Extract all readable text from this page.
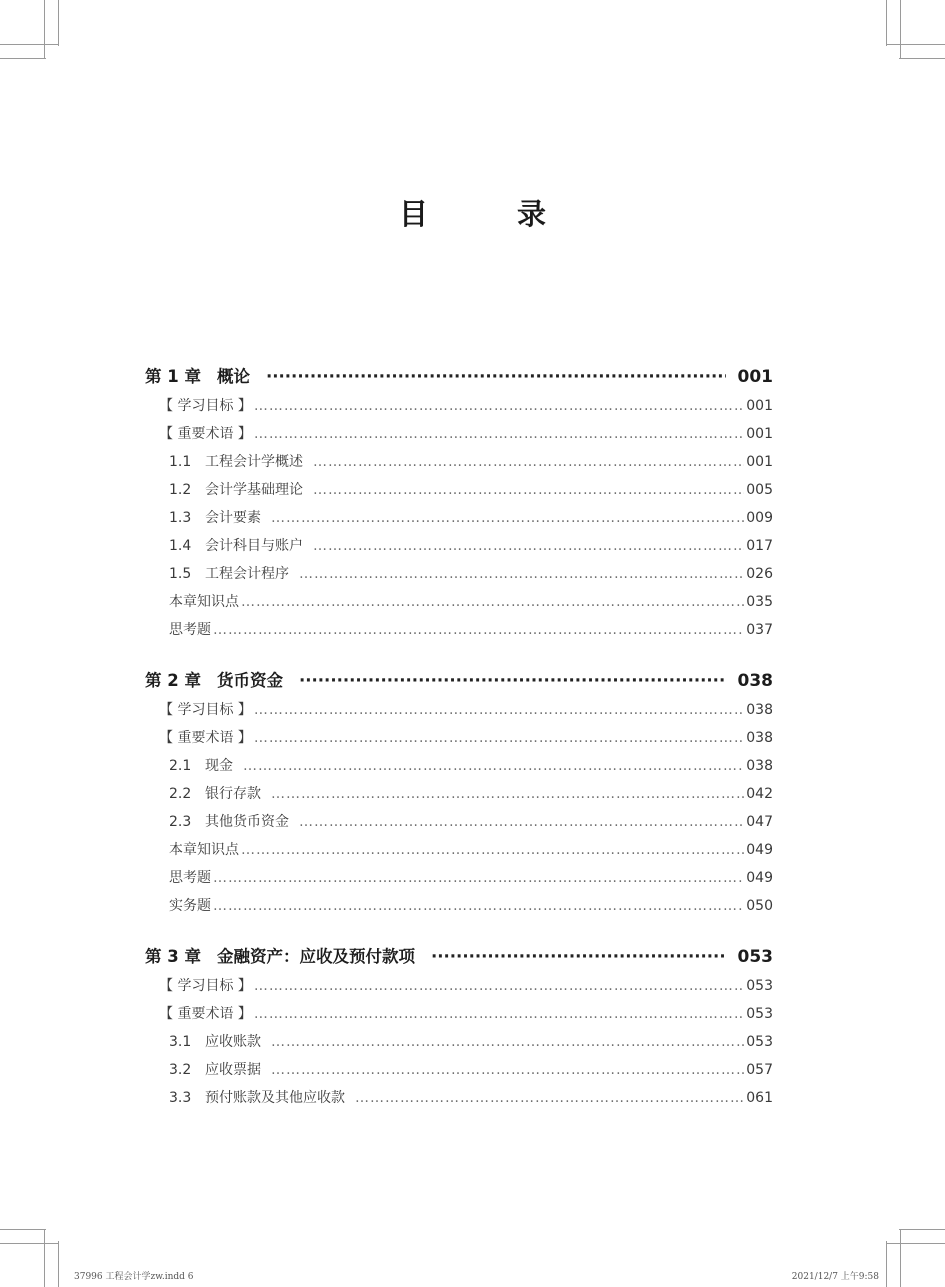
目　录
第 1 章 概论 ·····	001
【 学习目标 】 ……………………………………………………………………………………………………………………………………………………………………………………	001
【 重要术语 】 ……………………………………………………………………………………………………………………………………………………………………………………	001
1.1 工程会计学概述 ……………………………………………………………………………………………………………………………………………………………………………………	001
1.2 会计学基础理论 ……………………………………………………………………………………………………………………………………………………………………………………	005
1.3 会计要素 ……………………………………………………………………………………………………………………………………………………………………………………	009
1.4 会计科目与账户 ……………………………………………………………………………………………………………………………………………………………………………………	017
1.5 工程会计程序 ……………………………………………………………………………………………………………………………………………………………………………………	026
本章知识点 ……………………………………………………………………………………………………………………………………………………………………………………	035
思考题 ……………………………………………………………………………………………………………………………………………………………………………………	037
第 2 章 货币资金 ·····	038
【 学习目标 】 ……………………………………………………………………………………………………………………………………………………………………………………	038
【 重要术语 】 ……………………………………………………………………………………………………………………………………………………………………………………	038
2.1 现金 ……………………………………………………………………………………………………………………………………………………………………………………	038
2.2 银行存款 ……………………………………………………………………………………………………………………………………………………………………………………	042
2.3 其他货币资金 ……………………………………………………………………………………………………………………………………………………………………………………	047
本章知识点 ……………………………………………………………………………………………………………………………………………………………………………………	049
思考题 ……………………………………………………………………………………………………………………………………………………………………………………	049
实务题 ……………………………………………………………………………………………………………………………………………………………………………………	050
第 3 章 金融资产：应收及预付款项 ·····	053
【 学习目标 】 ……………………………………………………………………………………………………………………………………………………………………………………	053
【 重要术语 】 ……………………………………………………………………………………………………………………………………………………………………………………	053
3.1 应收账款 ……………………………………………………………………………………………………………………………………………………………………………………	053
3.2 应收票据 ……………………………………………………………………………………………………………………………………………………………………………………	057
3.3 预付账款及其他应收款 ……………………………………………………………………………………………………………………………………………………………………………………	061
37996 工程会计学zw.indd 6	2021/12/7 上午9:58
